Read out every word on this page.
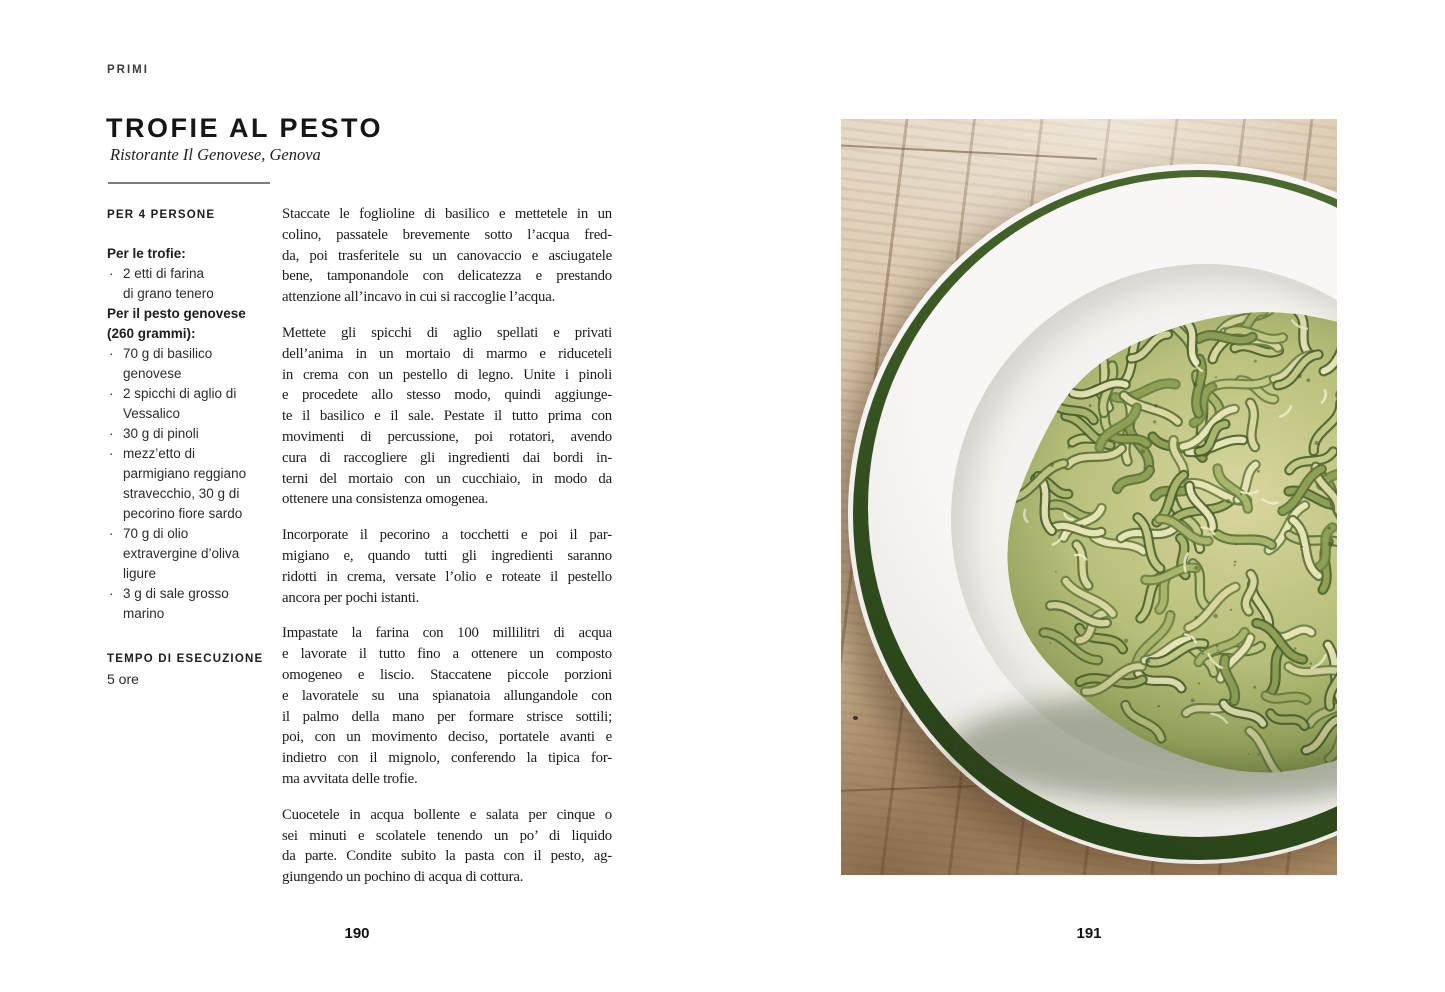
PRIMI
TROFIE AL PESTO
Ristorante Il Genovese, Genova
PER 4 PERSONE
Per le trofie:
· 2 etti di farina
di grano tenero
Per il pesto genovese
(260 grammi):
· 70 g di basilico
genovese
· 2 spicchi di aglio di
Vessalico
· 30 g di pinoli
· mezz’etto di
parmigiano reggiano
stravecchio, 30 g di
pecorino fiore sardo
· 70 g di olio
extravergine d’oliva
ligure
· 3 g di sale grosso
marino
TEMPO DI ESECUZIONE
5 ore
Staccate le foglioline di basilico e mettetele in un
colino, passatele brevemente sotto l’acqua fred-
da, poi trasferitele su un canovaccio e asciugatele
bene, tamponandole con delicatezza e prestando
attenzione all’incavo in cui si raccoglie l’acqua.
Mettete gli spicchi di aglio spellati e privati
dell’anima in un mortaio di marmo e riduceteli
in crema con un pestello di legno. Unite i pinoli
e procedete allo stesso modo, quindi aggiunge-
te il basilico e il sale. Pestate il tutto prima con
movimenti di percussione, poi rotatori, avendo
cura di raccogliere gli ingredienti dai bordi in-
terni del mortaio con un cucchiaio, in modo da
ottenere una consistenza omogenea.
Incorporate il pecorino a tocchetti e poi il par-
migiano e, quando tutti gli ingredienti saranno
ridotti in crema, versate l’olio e roteate il pestello
ancora per pochi istanti.
Impastate la farina con 100 millilitri di acqua
e lavorate il tutto fino a ottenere un composto
omogeneo e liscio. Staccatene piccole porzioni
e lavoratele su una spianatoia allungandole con
il palmo della mano per formare strisce sottili;
poi, con un movimento deciso, portatele avanti e
indietro con il mignolo, conferendo la tipica for-
ma avvitata delle trofie.
Cuocetele in acqua bollente e salata per cinque o
sei minuti e scolatele tenendo un po’ di liquido
da parte. Condite subito la pasta con il pesto, ag-
giungendo un pochino di acqua di cottura.
190	191
